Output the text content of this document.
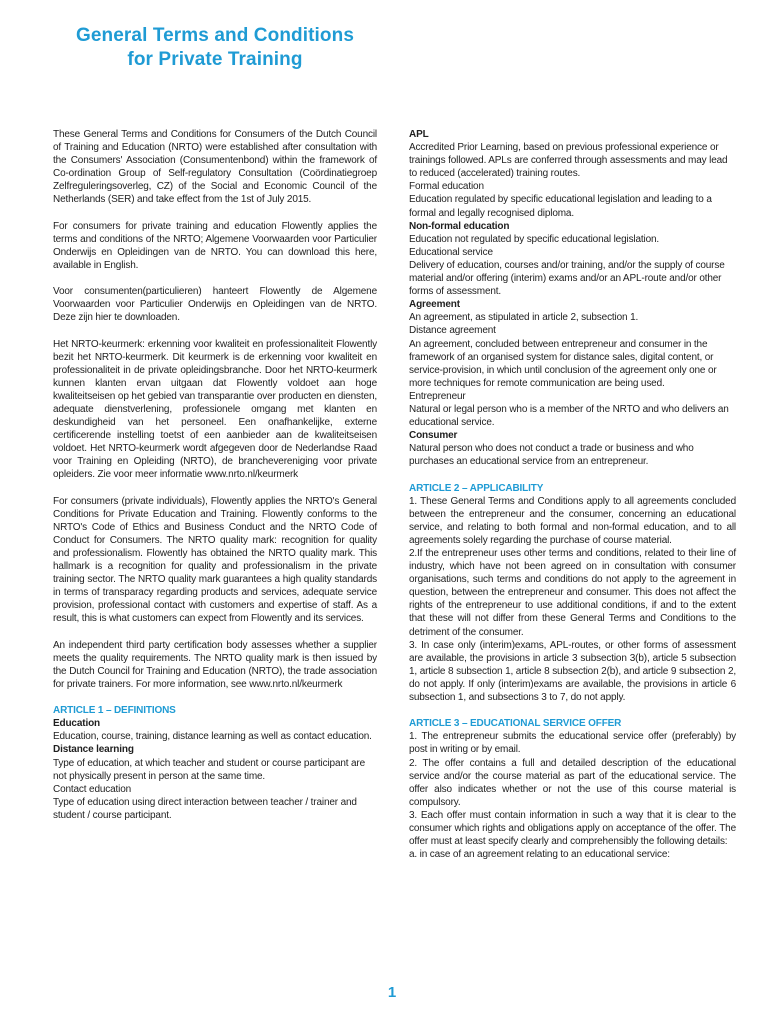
General Terms and Conditions
for Private Training

These General Terms and Conditions for Consumers of the Dutch Council of Training and Education (NRTO) were established after consultation with the Consumers' Association (Consumentenbond) within the framework of Co-ordination Group of Self-regulatory Consultation (Coördinatiegroep Zelfreguleringsoverleg, CZ) of the Social and Economic Council of the Netherlands (SER) and take effect from the 1st of July 2015.

For consumers for private training and education Flowently applies the terms and conditions of the NRTO; Algemene Voorwaarden voor Particulier Onderwijs en Opleidingen van de NRTO. You can download this here, available in English.

Voor consumenten(particulieren) hanteert Flowently de Algemene Voorwaarden voor Particulier Onderwijs en Opleidingen van de NRTO. Deze zijn hier te downloaden.

Het NRTO-keurmerk: erkenning voor kwaliteit en professionaliteit Flowently bezit het NRTO-keurmerk. Dit keurmerk is de erkenning voor kwaliteit en professionaliteit in de private opleidingsbranche. Door het NRTO-keurmerk kunnen klanten ervan uitgaan dat Flowently voldoet aan hoge kwaliteitseisen op het gebied van transparantie over producten en diensten, adequate dienstverlening, professionele omgang met klanten en deskundigheid van het personeel. Een onafhankelijke, externe certificerende instelling toetst of een aanbieder aan de kwaliteitseisen voldoet. Het NRTO-keurmerk wordt afgegeven door de Nederlandse Raad voor Training en Opleiding (NRTO), de branchevereniging voor private opleiders. Zie voor meer informatie www.nrto.nl/keurmerk

For consumers (private individuals), Flowently applies the NRTO's General Conditions for Private Education and Training. Flowently conforms to the NRTO's Code of Ethics and Business Conduct and the NRTO Code of Conduct for Consumers. The NRTO quality mark: recognition for quality and professionalism. Flowently has obtained the NRTO quality mark. This hallmark is a recognition for quality and professionalism in the private training sector. The NRTO quality mark guarantees a high quality standards in terms of transparacy regarding products and services, adequate service provision, professional contact with customers and expertise of staff. As a result, this is what customers can expect from Flowently and its services.

An independent third party certification body assesses whether a supplier meets the quality requirements. The NRTO quality mark is then issued by the Dutch Council for Training and Education (NRTO), the trade association for private trainers. For more information, see www.nrto.nl/keurmerk

ARTICLE 1 – DEFINITIONS

Education

Education, course, training, distance learning as well as contact education.

Distance learning

Type of education, at which teacher and student or course participant are not physically present in person at the same time.

Contact education

Type of education using direct interaction between teacher / trainer and student / course participant.

APL

Accredited Prior Learning, based on previous professional experience or trainings followed. APLs are conferred through assessments and may lead to reduced (accelerated) training routes.

Formal education

Education regulated by specific educational legislation and leading to a formal and legally recognised diploma.

Non-formal education

Education not regulated by specific educational legislation.

Educational service

Delivery of education, courses and/or training, and/or the supply of course material and/or offering (interim) exams and/or an APL-route and/or other forms of assessment.

Agreement

An agreement, as stipulated in article 2, subsection 1.

Distance agreement

An agreement, concluded between entrepreneur and consumer in the framework of an organised system for distance sales, digital content, or service-provision, in which until conclusion of the agreement only one or more techniques for remote communication are being used.

Entrepreneur

Natural or legal person who is a member of the NRTO and who delivers an educational service.

Consumer

Natural person who does not conduct a trade or business and who purchases an educational service from an entrepreneur.

ARTICLE 2 – APPLICABILITY

1. These General Terms and Conditions apply to all agreements concluded between the entrepreneur and the consumer, concerning an educational service, and relating to both formal and non-formal education, and to all agreements solely regarding the purchase of course material.

2.If the entrepreneur uses other terms and conditions, related to their line of industry, which have not been agreed on in consultation with consumer organisations, such terms and conditions do not apply to the agreement in question, between the entrepreneur and consumer. This does not affect the rights of the entrepreneur to use additional conditions, if and to the extent that these will not differ from these General Terms and Conditions to the detriment of the consumer.

3. In case only (interim)exams, APL-routes, or other forms of assessment are available, the provisions in article 3 subsection 3(b), article 5 subsection 1, article 8 subsection 1, article 8 subsection 2(b), and article 9 subsection 2, do not apply. If only (interim)exams are available, the provisions in article 6 subsection 1, and subsections 3 to 7, do not apply.

ARTICLE 3 – EDUCATIONAL SERVICE OFFER

1. The entrepreneur submits the educational service offer (preferably) by post in writing or by email.

2. The offer contains a full and detailed description of the educational service and/or the course material as part of the educational service. The offer also indicates whether or not the use of this course material is compulsory.

3. Each offer must contain information in such a way that it is clear to the consumer which rights and obligations apply on acceptance of the offer. The offer must at least specify clearly and comprehensibly the following details:

a. in case of an agreement relating to an educational service:

1
